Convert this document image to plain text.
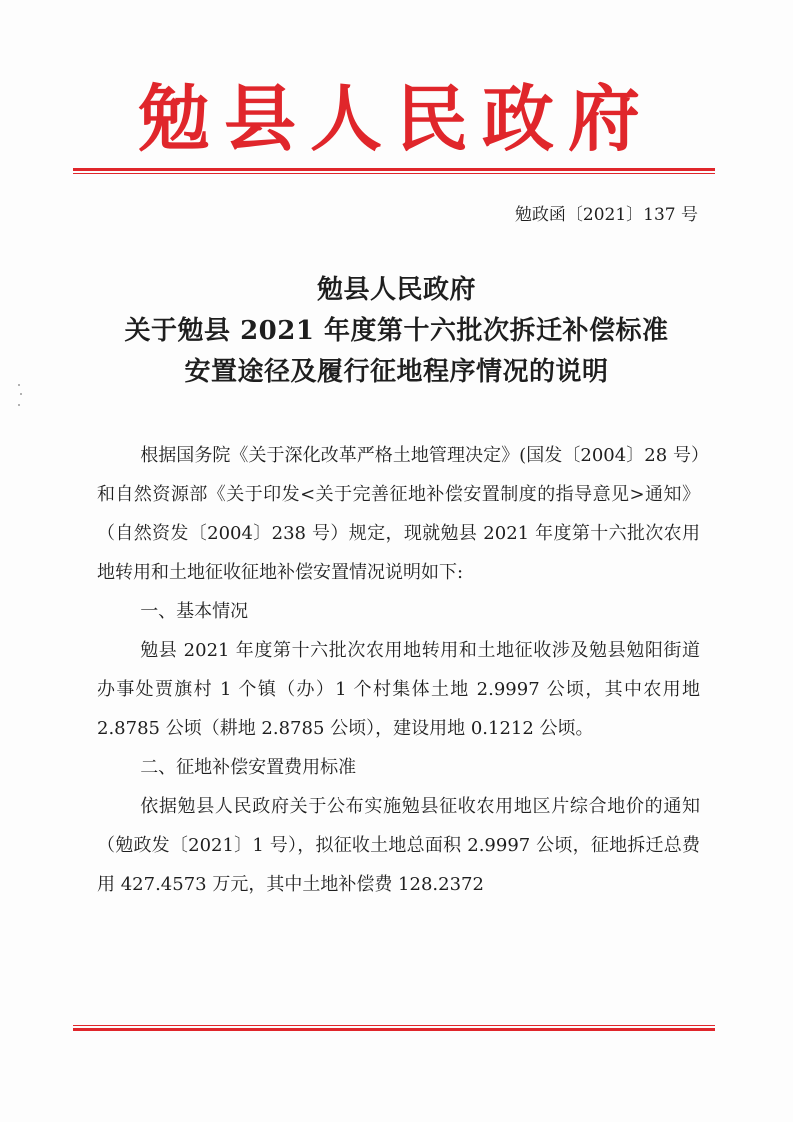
勉县人民政府
勉政函〔2021〕137 号
勉县人民政府
关于勉县 2021 年度第十六批次拆迁补偿标准
安置途径及履行征地程序情况的说明

根据国务院《关于深化改革严格土地管理决定》(国发〔2004〕28 号）和自然资源部《关于印发<关于完善征地补偿安置制度的指导意见>通知》（自然资发〔2004〕238 号）规定，现就勉县 2021 年度第十六批次农用地转用和土地征收征地补偿安置情况说明如下:

一、基本情况

勉县 2021 年度第十六批次农用地转用和土地征收涉及勉县勉阳街道办事处贾旗村 1 个镇（办）1 个村集体土地 2.9997 公顷，其中农用地 2.8785 公顷（耕地 2.8785 公顷），建设用地 0.1212 公顷。

二、征地补偿安置费用标准

依据勉县人民政府关于公布实施勉县征收农用地区片综合地价的通知（勉政发〔2021〕1 号），拟征收土地总面积 2.9997 公顷，征地拆迁总费用 427.4573 万元，其中土地补偿费 128.2372
